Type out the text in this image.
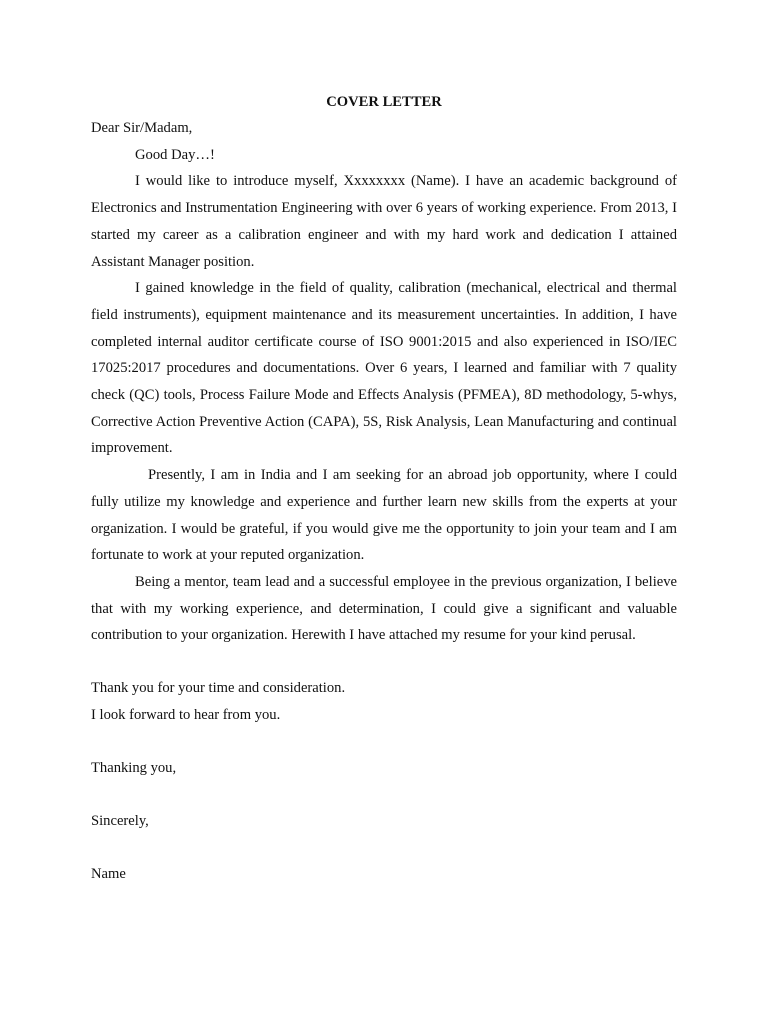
COVER LETTER

Dear Sir/Madam,

Good Day…!

I would like to introduce myself, Xxxxxxxx (Name). I have an academic background of Electronics and Instrumentation Engineering with over 6 years of working experience. From 2013, I started my career as a calibration engineer and with my hard work and dedication I attained Assistant Manager position.

I gained knowledge in the field of quality, calibration (mechanical, electrical and thermal field instruments), equipment maintenance and its measurement uncertainties. In addition, I have completed internal auditor certificate course of ISO 9001:2015 and also experienced in ISO/IEC 17025:2017 procedures and documentations. Over 6 years, I learned and familiar with 7 quality check (QC) tools, Process Failure Mode and Effects Analysis (PFMEA), 8D methodology, 5-whys, Corrective Action Preventive Action (CAPA), 5S, Risk Analysis, Lean Manufacturing and continual improvement.

Presently, I am in India and I am seeking for an abroad job opportunity, where I could fully utilize my knowledge and experience and further learn new skills from the experts at your organization. I would be grateful, if you would give me the opportunity to join your team and I am fortunate to work at your reputed organization.

Being a mentor, team lead and a successful employee in the previous organization, I believe that with my working experience, and determination, I could give a significant and valuable contribution to your organization. Herewith I have attached my resume for your kind perusal.

Thank you for your time and consideration.

I look forward to hear from you.

Thanking you,

Sincerely,

Name
